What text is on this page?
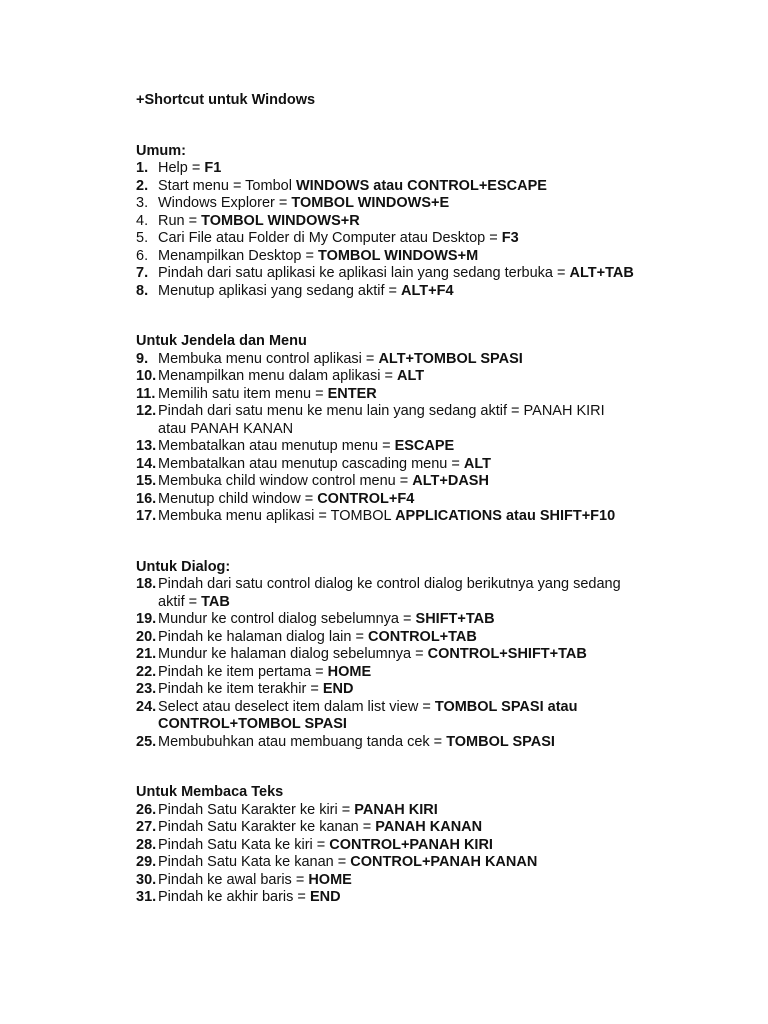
+Shortcut untuk Windows
Umum:
1. Help = F1
2. Start menu = Tombol WINDOWS atau CONTROL+ESCAPE
3. Windows Explorer = TOMBOL WINDOWS+E
4. Run = TOMBOL WINDOWS+R
5. Cari File atau Folder di My Computer atau Desktop = F3
6. Menampilkan Desktop = TOMBOL WINDOWS+M
7. Pindah dari satu aplikasi ke aplikasi lain yang sedang terbuka = ALT+TAB
8. Menutup aplikasi yang sedang aktif = ALT+F4
Untuk Jendela dan Menu
9. Membuka menu control aplikasi = ALT+TOMBOL SPASI
10. Menampilkan menu dalam aplikasi = ALT
11. Memilih satu item menu = ENTER
12. Pindah dari satu menu ke menu lain yang sedang aktif = PANAH KIRI
atau PANAH KANAN
13. Membatalkan atau menutup menu = ESCAPE
14. Membatalkan atau menutup cascading menu = ALT
15. Membuka child window control menu = ALT+DASH
16. Menutup child window = CONTROL+F4
17. Membuka menu aplikasi = TOMBOL APPLICATIONS atau SHIFT+F10
Untuk Dialog:
18. Pindah dari satu control dialog ke control dialog berikutnya yang sedang
aktif = TAB
19. Mundur ke control dialog sebelumnya = SHIFT+TAB
20. Pindah ke halaman dialog lain = CONTROL+TAB
21. Mundur ke halaman dialog sebelumnya = CONTROL+SHIFT+TAB
22. Pindah ke item pertama = HOME
23. Pindah ke item terakhir = END
24. Select atau deselect item dalam list view = TOMBOL SPASI atau
CONTROL+TOMBOL SPASI
25. Membubuhkan atau membuang tanda cek = TOMBOL SPASI
Untuk Membaca Teks
26. Pindah Satu Karakter ke kiri = PANAH KIRI
27. Pindah Satu Karakter ke kanan = PANAH KANAN
28. Pindah Satu Kata ke kiri = CONTROL+PANAH KIRI
29. Pindah Satu Kata ke kanan = CONTROL+PANAH KANAN
30. Pindah ke awal baris = HOME
31. Pindah ke akhir baris = END
